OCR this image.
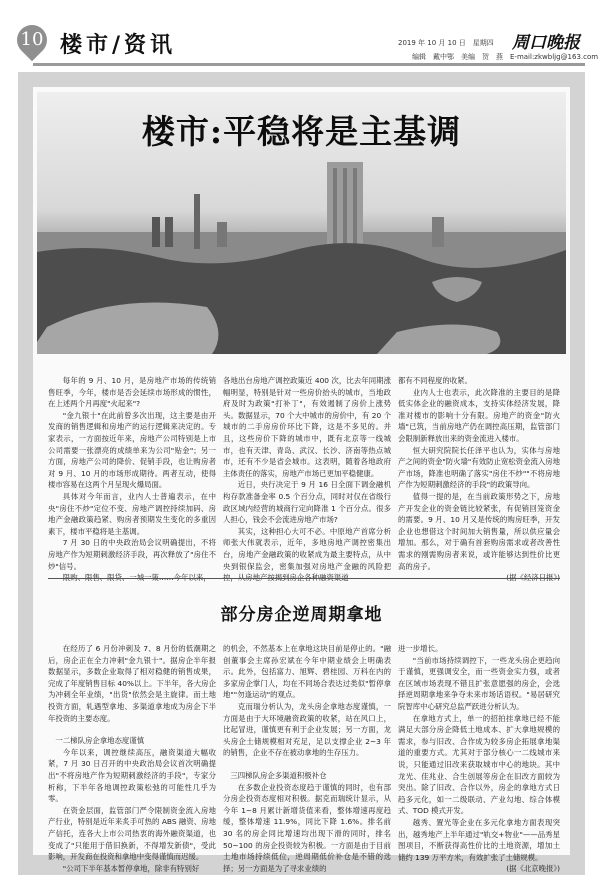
10 楼市/资讯	2019 年 10 月 10 日　星期四
编辑　戴中鄂　美编　贺　燕
周口晚报
E-mail:zkwbljg@163.com
楼市:平稳将是主基调

每年的 9 月、10 月，是房地产市场的传统销售旺季，今年，楼市是否会延续市场形成的惯性，在上述两个月再度"火起来"?

"金九银十"在此前曾多次出现，这主要是由开发商的销售逻辑和房地产的运行逻辑来决定的。专家表示，一方面按近年来，房地产公司特别是上市公司需要一张漂亮的成绩单来为公司"贴金"；另一方面，房地产公司的降价、促销手段，也让购房者对 9 月、10 月的市场形成期待。两者互动，使得楼市容易在这两个月呈现火爆局面。

具体对今年而言，业内人士普遍表示，在中央"房住不炒"定位不变、房地产调控持续加码、房地产金融政策趋紧、购房者预期发生变化的多重因素下，楼市平稳将是主基调。

7 月 30 日的中央政治局会议明确提出，不将房地产作为短期刺激经济手段，再次释放了"房住不炒"信号。

各地出台房地产调控政策近 400 次，比去年同期涨幅明显，特别是针对一些房价抬头的城市，当地政府及时为政策"打补丁"，有效遏制了房价上涨势头。数据显示，70 个大中城市的房价中，有 20 个城市的二手房房价环比下降，这是不多见的。并且，这些房价下降的城市中，既有北京等一线城市，也有天津、青岛、武汉、长沙、济南等热点城市，还有不少是省会城市。这表明，随着各地政府主体责任的落实，房地产市场已更加平稳健康。

近日，央行决定于 9 月 16 日全面下调金融机构存款准备金率 0.5 个百分点，同时对仅在省级行政区域内经营的城商行定向降准 1 个百分点。很多人担心，钱会不会流进房地产市场?

其实，这种担心大可不必。中原地产首席分析师张大伟就表示，近年，多地房地产调控密集出台，房地产金融政策的收紧成为最主要特点，从中央到银保监会，密集加强对房地产金融的风险把

都有不同程度的收紧。

业内人士也表示，此次降准的主要目的是降低实体企业的融资成本，支持实体经济发展，降准对楼市的影响十分有限。房地产的资金"防火墙"已筑，当前房地产仍在调控高压期，监管部门会限制新释放出来的资金流进入楼市。

恒大研究院院长任泽平也认为，实体与房地产之间的资金"防火墙"有效防止宽松资金流入房地产市场，降准也明确了落实"房住不炒""不将房地产作为短期刺激经济的手段"的政策导向。

值得一提的是，在当前政策形势之下，房地产开发企业的资金链比较紧张，有促销回笼资金的需要。9 月、10 月又是传统的购房旺季，开发企业也想借这个时间加大销售量，所以供应量会增加。那么，对于确有首套购房需求或者改善性需求的刚需购房者来说，或许能够达到性价比更高的房子。

部分房企逆周期拿地

在经历了 6 月份冲刺及 7、8 月份的低潮期之后，房企正在全力冲刺"金九银十"。据房企半年报数据显示，多数企业取得了相对稳健的销售成果，完成了年度销售目标 40%以上。下半年，各大房企为冲刺全年业绩，"出货"依然会是主旋律。而土地投资方面，轧遇型拿地、多渠道拿地成为房企下半年投资的主要态度。

一二梯队房企拿地态度谨慎

今年以来，调控继续高压，融资渠道大幅收紧，7 月 30 日召开的中央政治局会议首次明确提出"不将房地产作为短期刺激经济的手段"，专家分析称，下半年各地调控政策松弛的可能性几乎为零。

在资金层面，监管部门严令限制资金流入房地产行业，特别是近年来炙手可热的 ABS 融资、房地产信托，连各大上市公司热衷的海外融资渠道，也变成了"只能用于借旧换新，不得增发新债"，受此影响，开发商在投资和拿地中变得谨慎而迟缓。

"公司下半年基本暂停拿地，除非有特别好

的机会，不然基本上在拿地这块目前是停止的。"融创董事会主席孙宏斌在今年中期业绩会上明确表示。此外，包括富力、旭辉、碧桂园、万科在内的多家房企掌门人，均在不同场合表达过类似"暂停拿地""勿逢运动"的观点。

克而瑞分析认为，龙头房企拿地态度谨慎，一方面是由于大环境融资政策的收紧，站在风口上，比起冒进，谨慎更有利于企业发展；另一方面，龙头房企土储规模相对充足，足以支撑企业 2~3 年的销售，企业不存在被动拿地的生存压力。

三四梯队房企多渠道积极补仓

在多数企业投资态度趋于谨慎的同时，也有部分房企投资态度相对积极。据克而瑞统计显示，从今年 1~8 月累计新增货值来看，整体增速再度趋缓，整体增速 11.9%，同比下降 1.6%。排名前 30 名的房企同比增速均出现下滑的同时，排名 50~100 的房企投资较为积极。一方面是由于目前土地市场持续低位，逆周期低价补仓是不错的选择；另一方面是为了寻求业绩的

进一步增长。

"当前市场持续调控下，一些龙头房企更趋向于谨慎，更强调安全，而一些资金实力强，或者在区域市场表现不错且扩张意愿强的房企，会选择逆周期拿地来争夺未来市场话语权。"易居研究院智库中心研究总监严跃进分析认为。

在拿地方式上，单一的招拍挂拿地已经不能满足大部分房企降低土地成本、扩大拿地规模的需求，参与旧改、合作成为较多房企拓展拿地渠道的重要方式。尤其对于部分核心一二线城市来说，只能通过旧改来获取城市中心的地块。其中龙光、佳兆业、合生创展等房企在旧改方面较为突出。除了旧改、合作以外，房企的拿地方式日趋多元化，如一二级联动、产业勾地、综合体模式、TOD 模式开发。

越秀、置光等企业在多元化拿地方面表现突出，越秀地产上半年通过"轨交+物业"——品秀星图项目，不断获得高性价比的土地资源，增加土储约 139 万平方米，有效扩张了土储规模。

(据《北京晚报》)
